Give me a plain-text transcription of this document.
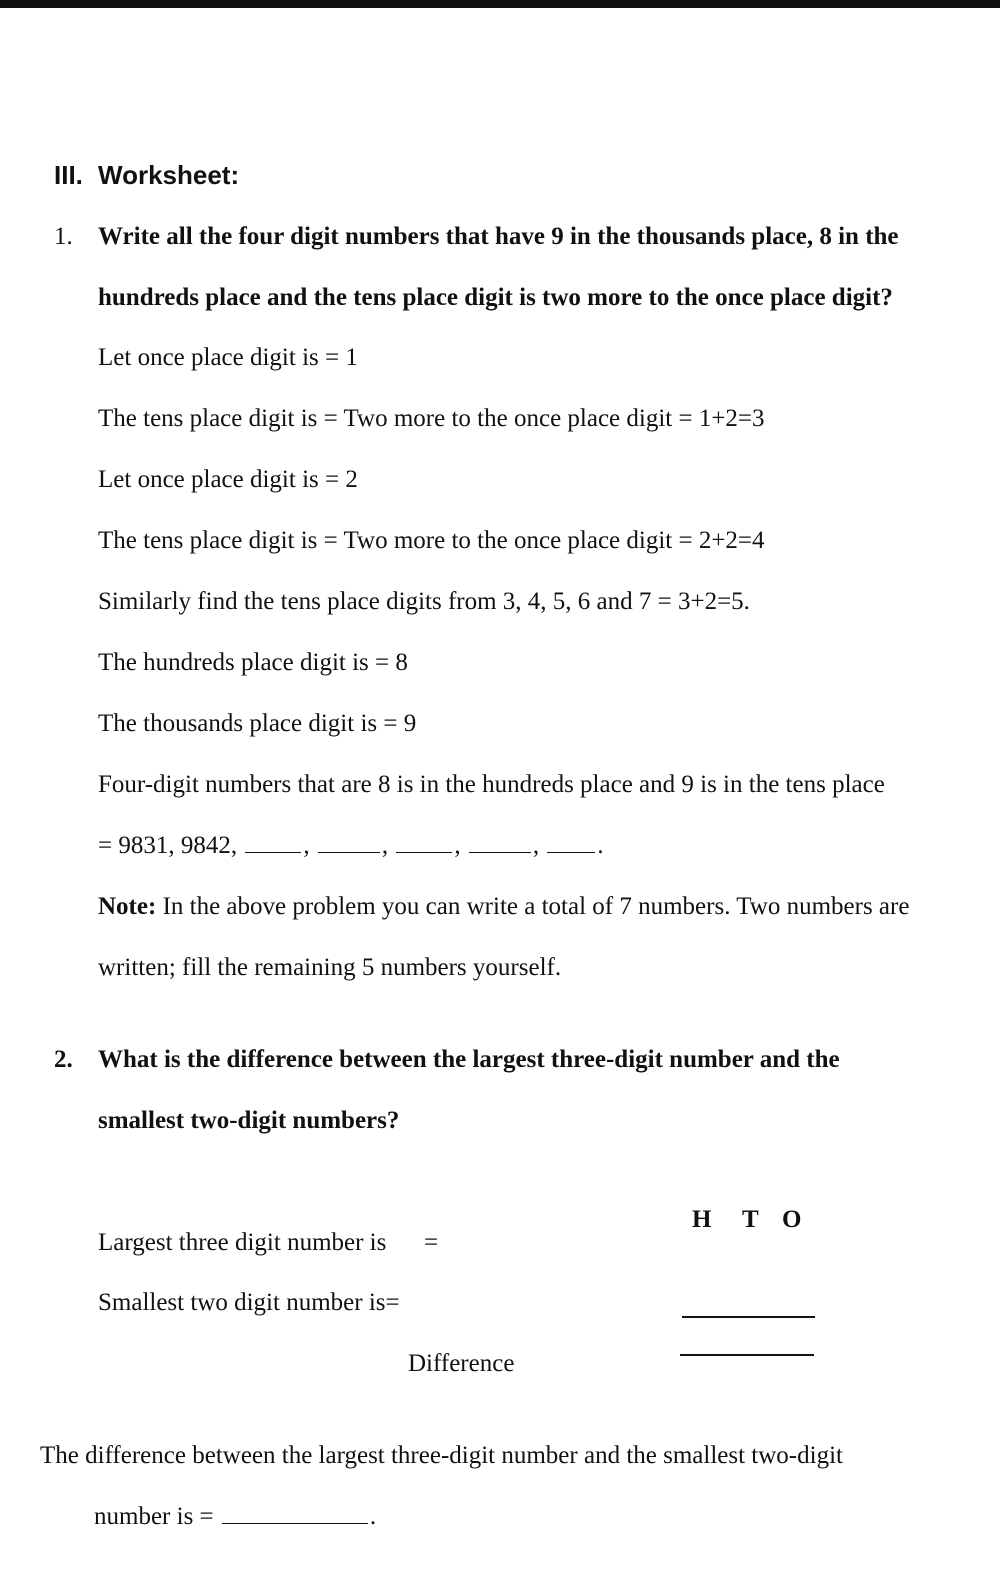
III. Worksheet:
1. Write all the four digit numbers that have 9 in the thousands place, 8 in the
hundreds place and the tens place digit is two more to the once place digit?
Let once place digit is = 1
The tens place digit is = Two more to the once place digit = 1+2=3
Let once place digit is = 2
The tens place digit is = Two more to the once place digit = 2+2=4
Similarly find the tens place digits from 3, 4, 5, 6 and 7 = 3+2=5.
The hundreds place digit is = 8
The thousands place digit is = 9
Four-digit numbers that are 8 is in the hundreds place and 9 is in the tens place
= 9831, 9842,	,	,	,	, .
Note: In the above problem you can write a total of 7 numbers. Two numbers are
written; fill the remaining 5 numbers yourself.
2. What is the difference between the largest three-digit number and the
smallest two-digit numbers?
H T O
Largest three digit number is =
Smallest two digit number is=
Difference
The difference between the largest three-digit number and the smallest two-digit
number is =	.
